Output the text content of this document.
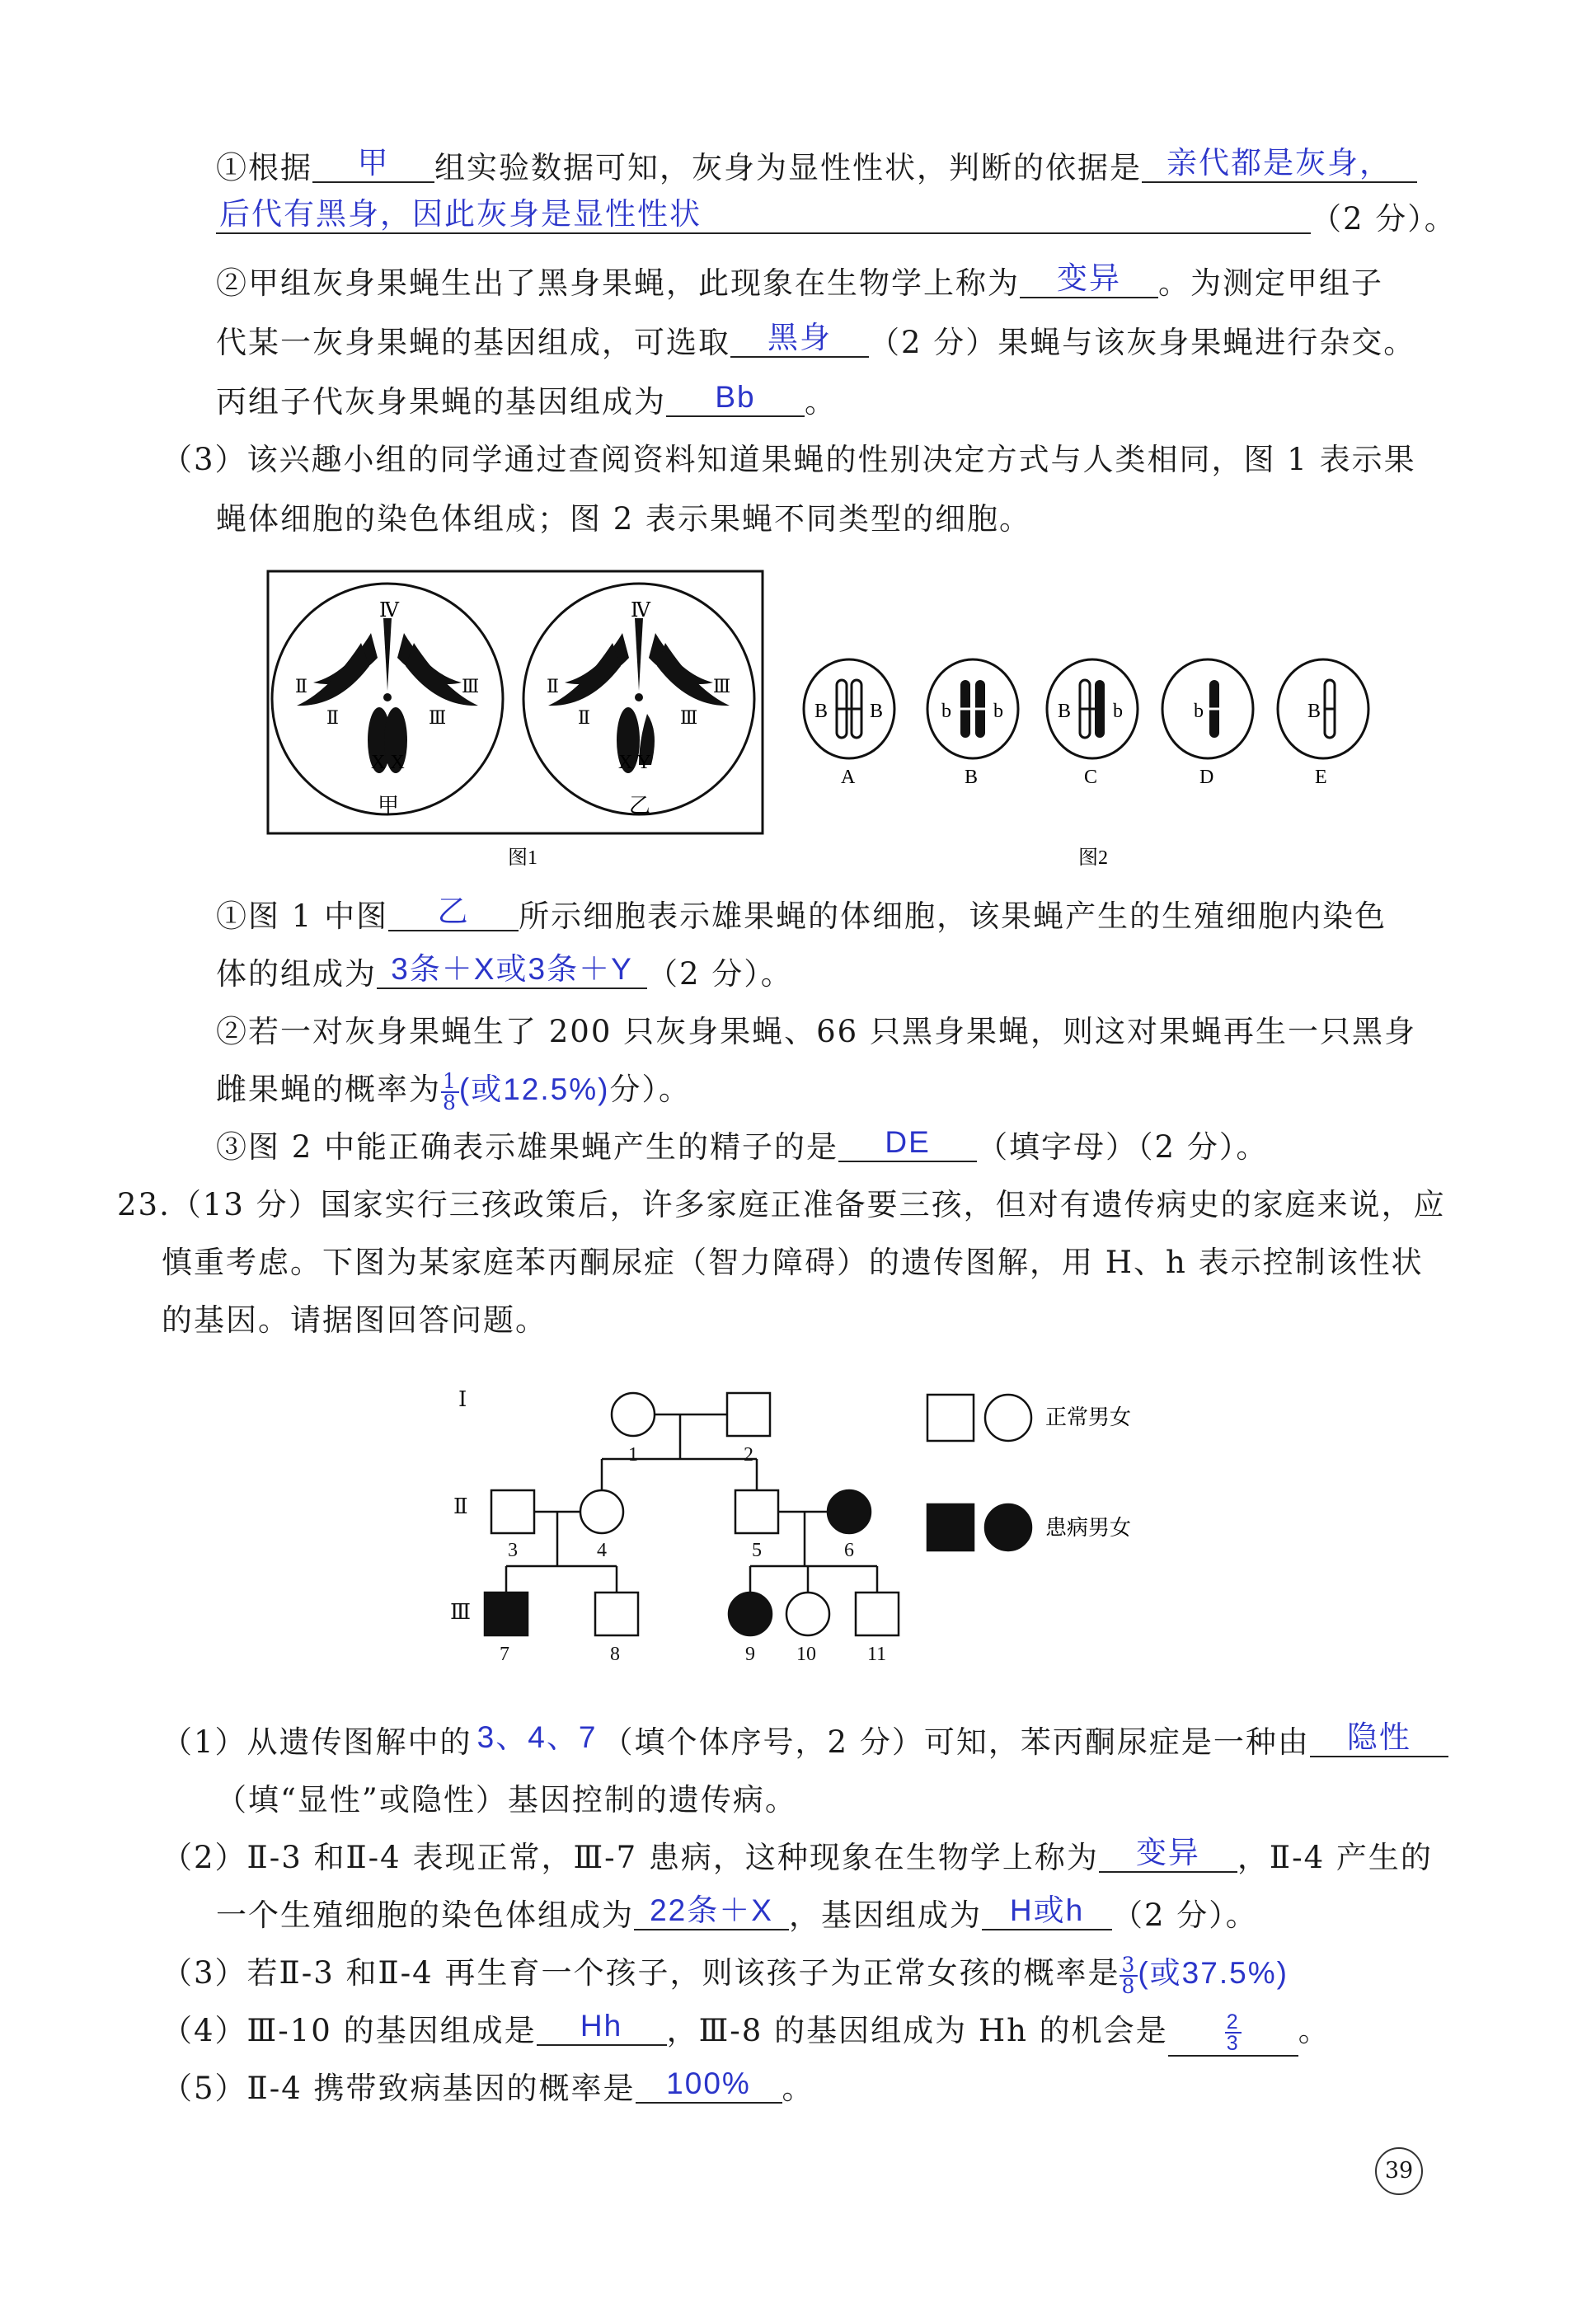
①根据 甲 组实验数据可知，灰身为显性性状，判断的依据是 亲代都是灰身，
后代有黑身，因此灰身是显性性状	（2 分）。
②甲组灰身果蝇生出了黑身果蝇，此现象在生物学上称为 变异 。为测定甲组子
代某一灰身果蝇的基因组成，可选取 黑身 （2 分）果蝇与该灰身果蝇进行杂交。
丙组子代灰身果蝇的基因组成为 Bb 。
（3）该兴趣小组的同学通过查阅资料知道果蝇的性别决定方式与人类相同，图 1 表示果
蝇体细胞的染色体组成；图 2 表示果蝇不同类型的细胞。
Ⅳ
Ⅱ	Ⅲ
Ⅱ	Ⅲ
X X
甲
Ⅳ
Ⅱ	Ⅲ
Ⅱ	Ⅲ
X Y
乙
图1
B B
A
b b
B
B b
C
b
D
B
E
图2
①图 1 中图 乙 所示细胞表示雄果蝇的体细胞，该果蝇产生的生殖细胞内染色
体的组成为 3条＋X或3条＋Y （2 分）。
②若一对灰身果蝇生了 200 只灰身果蝇、66 只黑身果蝇，则这对果蝇再生一只黑身
雌果蝇的概率为 $\frac{1}{8}$ (或12.5%)分）。
③图 2 中能正确表示雄果蝇产生的精子的是 DE （填字母）（2 分）。
23.（13 分）国家实行三孩政策后，许多家庭正准备要三孩，但对有遗传病史的家庭来说，应
慎重考虑。下图为某家庭苯丙酮尿症（智力障碍）的遗传图解，用 H、h 表示控制该性状
的基因。请据图回答问题。
Ⅰ
Ⅱ
Ⅲ
1	2
3	4	5	6
7	8	9 10	11
正常男女
患病男女
（1）从遗传图解中的 3、4、7 （填个体序号，2 分）可知，苯丙酮尿症是一种由 隐性
（填“显性”或隐性）基因控制的遗传病。
（2）Ⅱ-3 和Ⅱ-4 表现正常，Ⅲ-7 患病，这种现象在生物学上称为 变异 ，Ⅱ-4 产生的
一个生殖细胞的染色体组成为 22条＋X ，基因组成为 H或h （2 分）。
（3）若Ⅱ-3 和Ⅱ-4 再生育一个孩子，则该孩子为正常女孩的概率是 $\frac{3}{8}$ (或37.5%)
（4）Ⅲ-10 的基因组成是 Hh ，Ⅲ-8 的基因组成为 Hh 的机会是	$\frac{2}{3}$ 。
（5）Ⅱ-4 携带致病基因的概率是 100% 。
39
